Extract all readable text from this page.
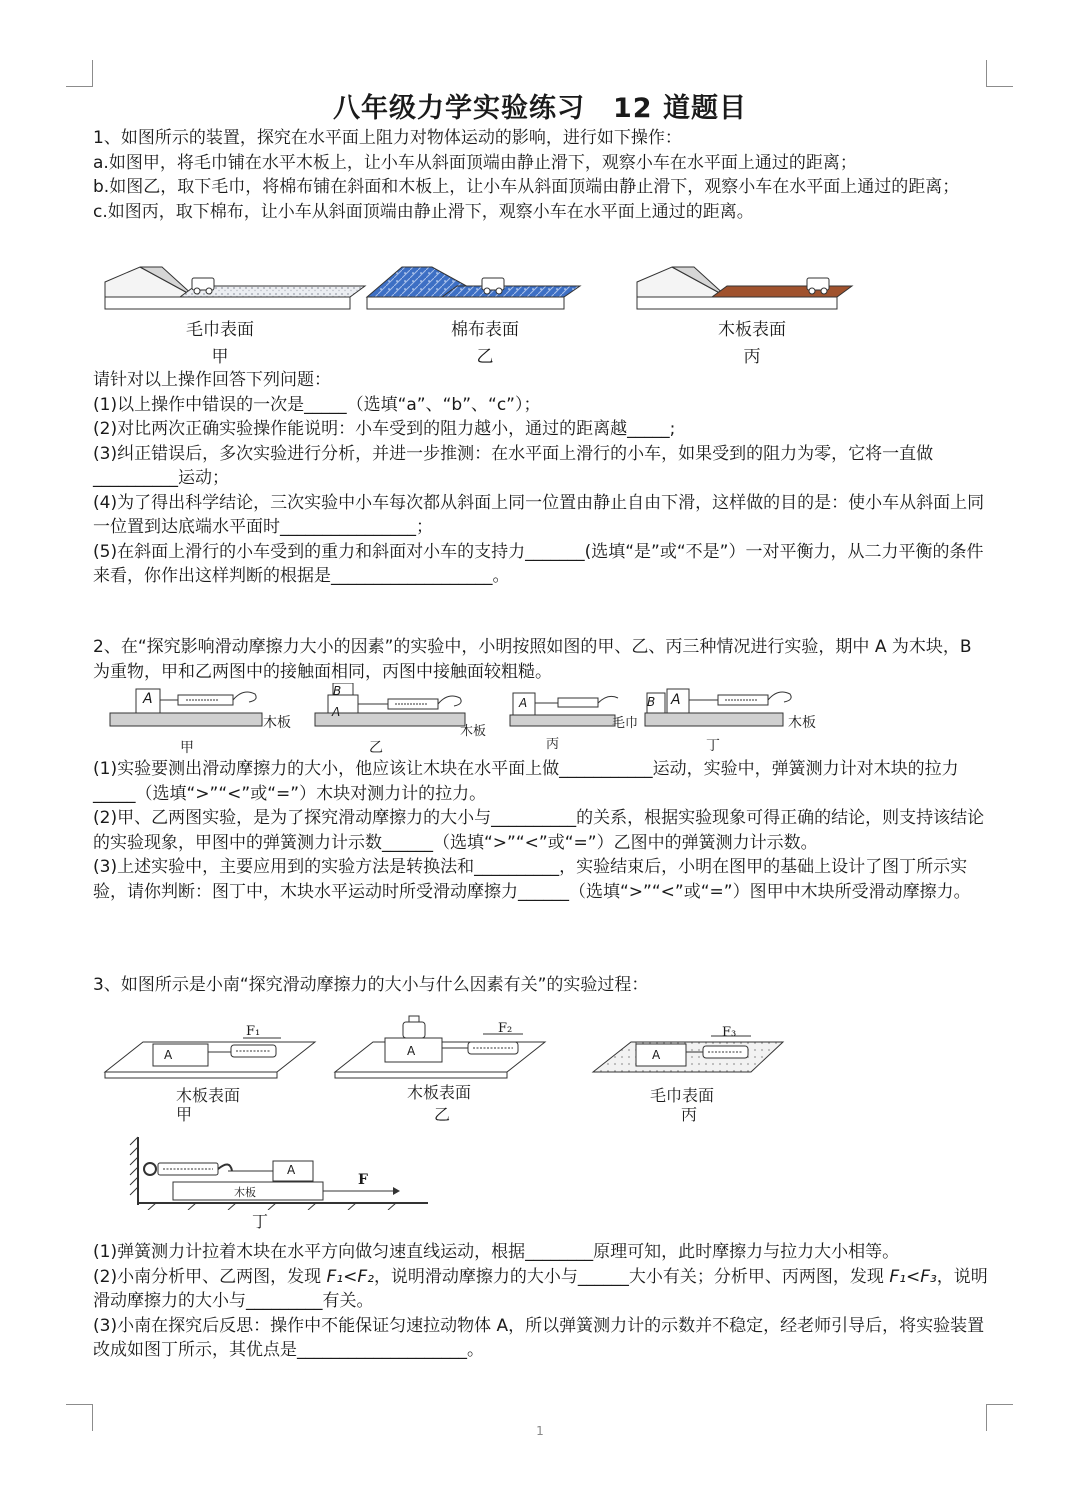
八年级力学实验练习　12 道题目

1、如图所示的装置，探究在水平面上阻力对物体运动的影响，进行如下操作：

a.如图甲，将毛巾铺在水平木板上，让小车从斜面顶端由静止滑下，观察小车在水平面上通过的距离；

b.如图乙，取下毛巾，将棉布铺在斜面和木板上，让小车从斜面顶端由静止滑下，观察小车在水平面上通过的距离；

c.如图丙，取下棉布，让小车从斜面顶端由静止滑下，观察小车在水平面上通过的距离。

毛巾表面
甲
棉布表面
乙
木板表面
丙

请针对以上操作回答下列问题：

(1)以上操作中错误的一次是_____（选填“a”、“b”、“c”）；

(2)对比两次正确实验操作能说明：小车受到的阻力越小，通过的距离越_____;

(3)纠正错误后，多次实验进行分析，并进一步推测：在水平面上滑行的小车，如果受到的阻力为零，它将一直做__________运动；

(4)为了得出科学结论，三次实验中小车每次都从斜面上同一位置由静止自由下滑，这样做的目的是：使小车从斜面上同一位置到达底端水平面时________________；

(5)在斜面上滑行的小车受到的重力和斜面对小车的支持力_______(选填“是”或“不是”）一对平衡力，从二力平衡的条件来看，你作出这样判断的根据是___________________。

2、在“探究影响滑动摩擦力大小的因素”的实验中，小明按照如图的甲、乙、丙三种情况进行实验，期中 A 为木块，B 为重物，甲和乙两图中的接触面相同，丙图中接触面较粗糙。
A
木板
甲
B
A
木板
乙
A
毛巾
丙
B A
木板
丁

(1)实验要测出滑动摩擦力的大小，他应该让木块在水平面上做___________运动，实验中，弹簧测力计对木块的拉力_____（选填“>”“<”或“=”）木块对测力计的拉力。

(2)甲、乙两图实验，是为了探究滑动摩擦力的大小与__________的关系，根据实验现象可得正确的结论，则支持该结论的实验现象，甲图中的弹簧测力计示数______（选填“>”“<”或“=”）乙图中的弹簧测力计示数。

(3)上述实验中，主要应用到的实验方法是转换法和__________，实验结束后，小明在图甲的基础上设计了图丁所示实验，请你判断：图丁中，木块水平运动时所受滑动摩擦力______（选填“>”“<”或“=”）图甲中木块所受滑动摩擦力。

3、如图所示是小南“探究滑动摩擦力的大小与什么因素有关”的实验过程：
A
F₁
木板表面
甲
A
F₂
木板表面
乙
A
F₃
毛巾表面
丙
A
木板
F
丁

(1)弹簧测力计拉着木块在水平方向做匀速直线运动，根据________原理可知，此时摩擦力与拉力大小相等。

(2)小南分析甲、乙两图，发现 F₁<F₂，说明滑动摩擦力的大小与______大小有关；分析甲、丙两图，发现 F₁<F₃，说明滑动摩擦力的大小与_________有关。

(3)小南在探究后反思：操作中不能保证匀速拉动物体 A，所以弹簧测力计的示数并不稳定，经老师引导后，将实验装置改成如图丁所示，其优点是____________________。

1
